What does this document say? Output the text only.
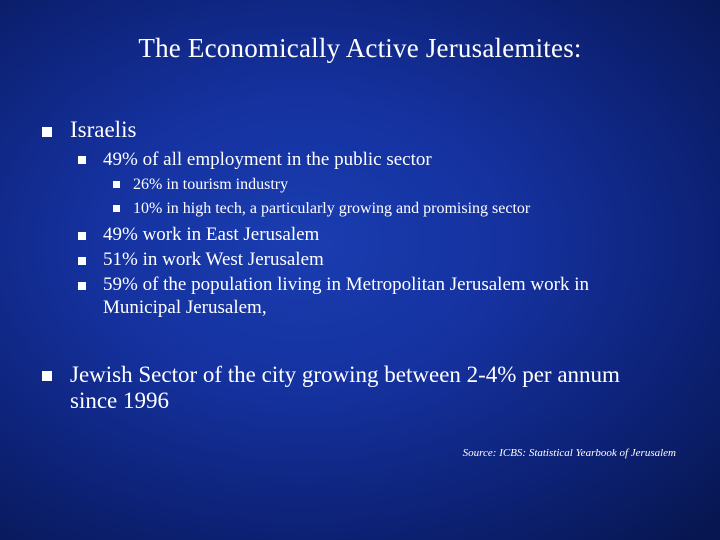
The Economically Active Jerusalemites:
Israelis
49% of all employment in the public sector
26% in tourism industry
10% in high tech, a particularly growing and promising sector
49% work in East Jerusalem
51% in work West Jerusalem
59% of the population living in Metropolitan Jerusalem work in Municipal Jerusalem,
Jewish Sector of the city growing between 2-4% per annum since 1996
Source: ICBS: Statistical Yearbook of Jerusalem
